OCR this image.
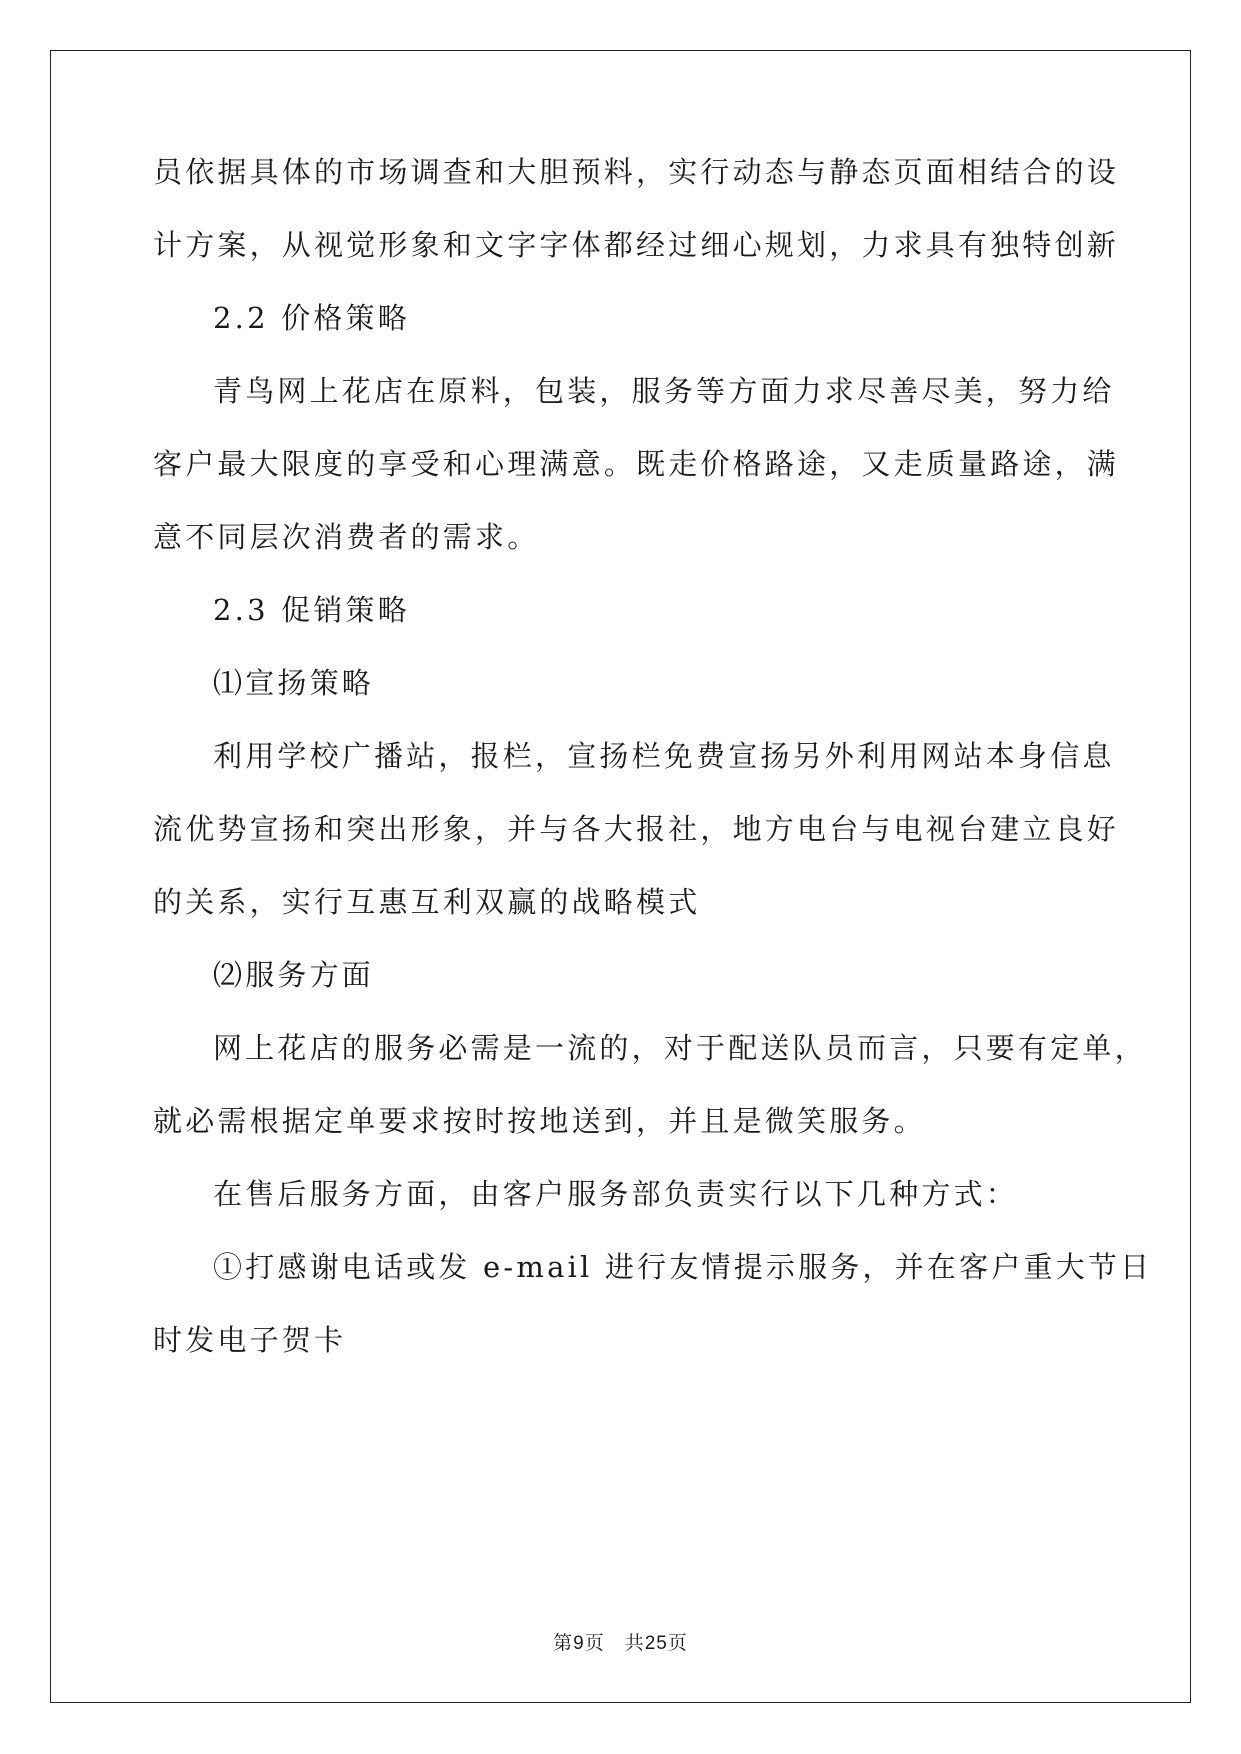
员依据具体的市场调查和大胆预料，实行动态与静态页面相结合的设
计方案，从视觉形象和文字字体都经过细心规划，力求具有独特创新
2.2 价格策略
青鸟网上花店在原料，包装，服务等方面力求尽善尽美，努力给
客户最大限度的享受和心理满意。既走价格路途，又走质量路途，满
意不同层次消费者的需求。
2.3 促销策略
⑴宣扬策略
利用学校广播站，报栏，宣扬栏免费宣扬另外利用网站本身信息
流优势宣扬和突出形象，并与各大报社，地方电台与电视台建立良好
的关系，实行互惠互利双赢的战略模式
⑵服务方面
网上花店的服务必需是一流的，对于配送队员而言，只要有定单，
就必需根据定单要求按时按地送到，并且是微笑服务。
在售后服务方面，由客户服务部负责实行以下几种方式：
①打感谢电话或发 e-mail 进行友情提示服务，并在客户重大节日
时发电子贺卡
第9页　共25页
